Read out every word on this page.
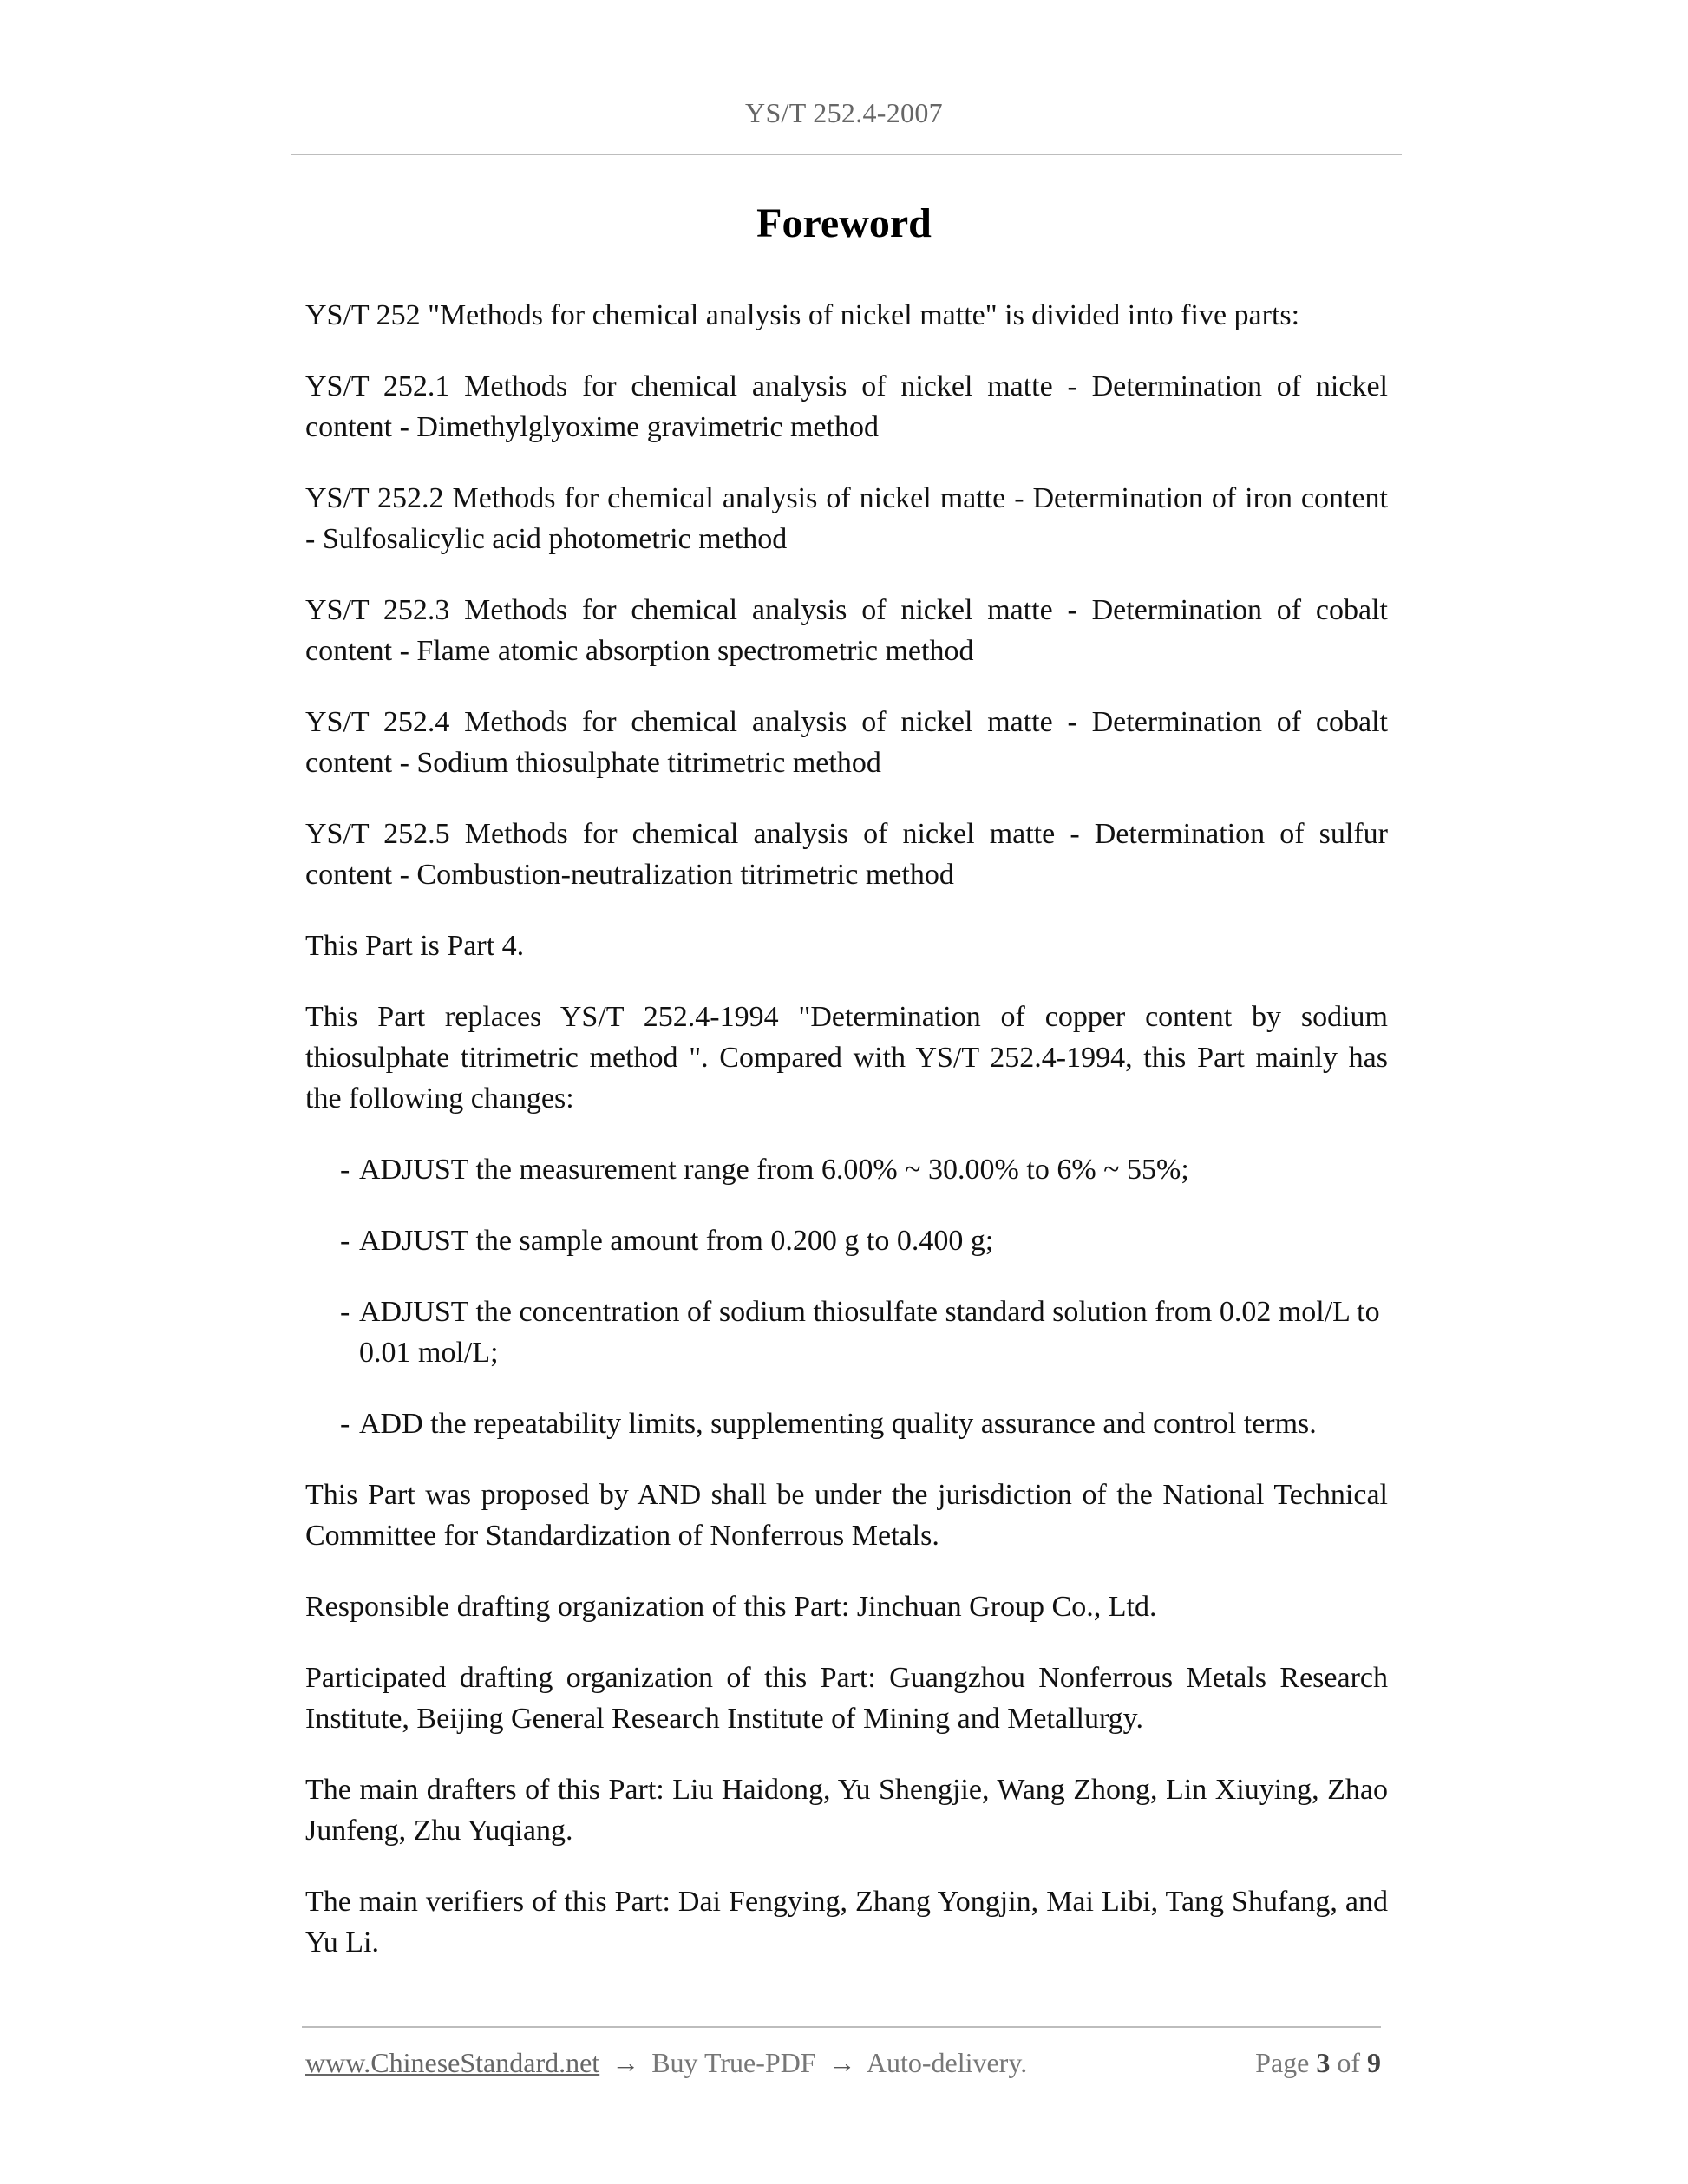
YS/T 252.4-2007
Foreword

YS/T 252 "Methods for chemical analysis of nickel matte" is divided into five parts:

YS/T 252.1 Methods for chemical analysis of nickel matte - Determination of nickel content - Dimethylglyoxime gravimetric method

YS/T 252.2 Methods for chemical analysis of nickel matte - Determination of iron content - Sulfosalicylic acid photometric method

YS/T 252.3 Methods for chemical analysis of nickel matte - Determination of cobalt content - Flame atomic absorption spectrometric method

YS/T 252.4 Methods for chemical analysis of nickel matte - Determination of cobalt content - Sodium thiosulphate titrimetric method

YS/T 252.5 Methods for chemical analysis of nickel matte - Determination of sulfur content - Combustion-neutralization titrimetric method

This Part is Part 4.

This Part replaces YS/T 252.4-1994 "Determination of copper content by sodium thiosulphate titrimetric method ". Compared with YS/T 252.4-1994, this Part mainly has the following changes:

- ADJUST the measurement range from 6.00% ~ 30.00% to 6% ~ 55%;
- ADJUST the sample amount from 0.200 g to 0.400 g;
- ADJUST the concentration of sodium thiosulfate standard solution from 0.02 mol/L to 0.01 mol/L;
- ADD the repeatability limits, supplementing quality assurance and control terms.

This Part was proposed by AND shall be under the jurisdiction of the National Technical Committee for Standardization of Nonferrous Metals.

Responsible drafting organization of this Part: Jinchuan Group Co., Ltd.

Participated drafting organization of this Part: Guangzhou Nonferrous Metals Research Institute, Beijing General Research Institute of Mining and Metallurgy.

The main drafters of this Part: Liu Haidong, Yu Shengjie, Wang Zhong, Lin Xiuying, Zhao Junfeng, Zhu Yuqiang.

The main verifiers of this Part: Dai Fengying, Zhang Yongjin, Mai Libi, Tang Shufang, and Yu Li.

www.ChineseStandard.net → Buy True-PDF → Auto-delivery.	Page 3 of 9
